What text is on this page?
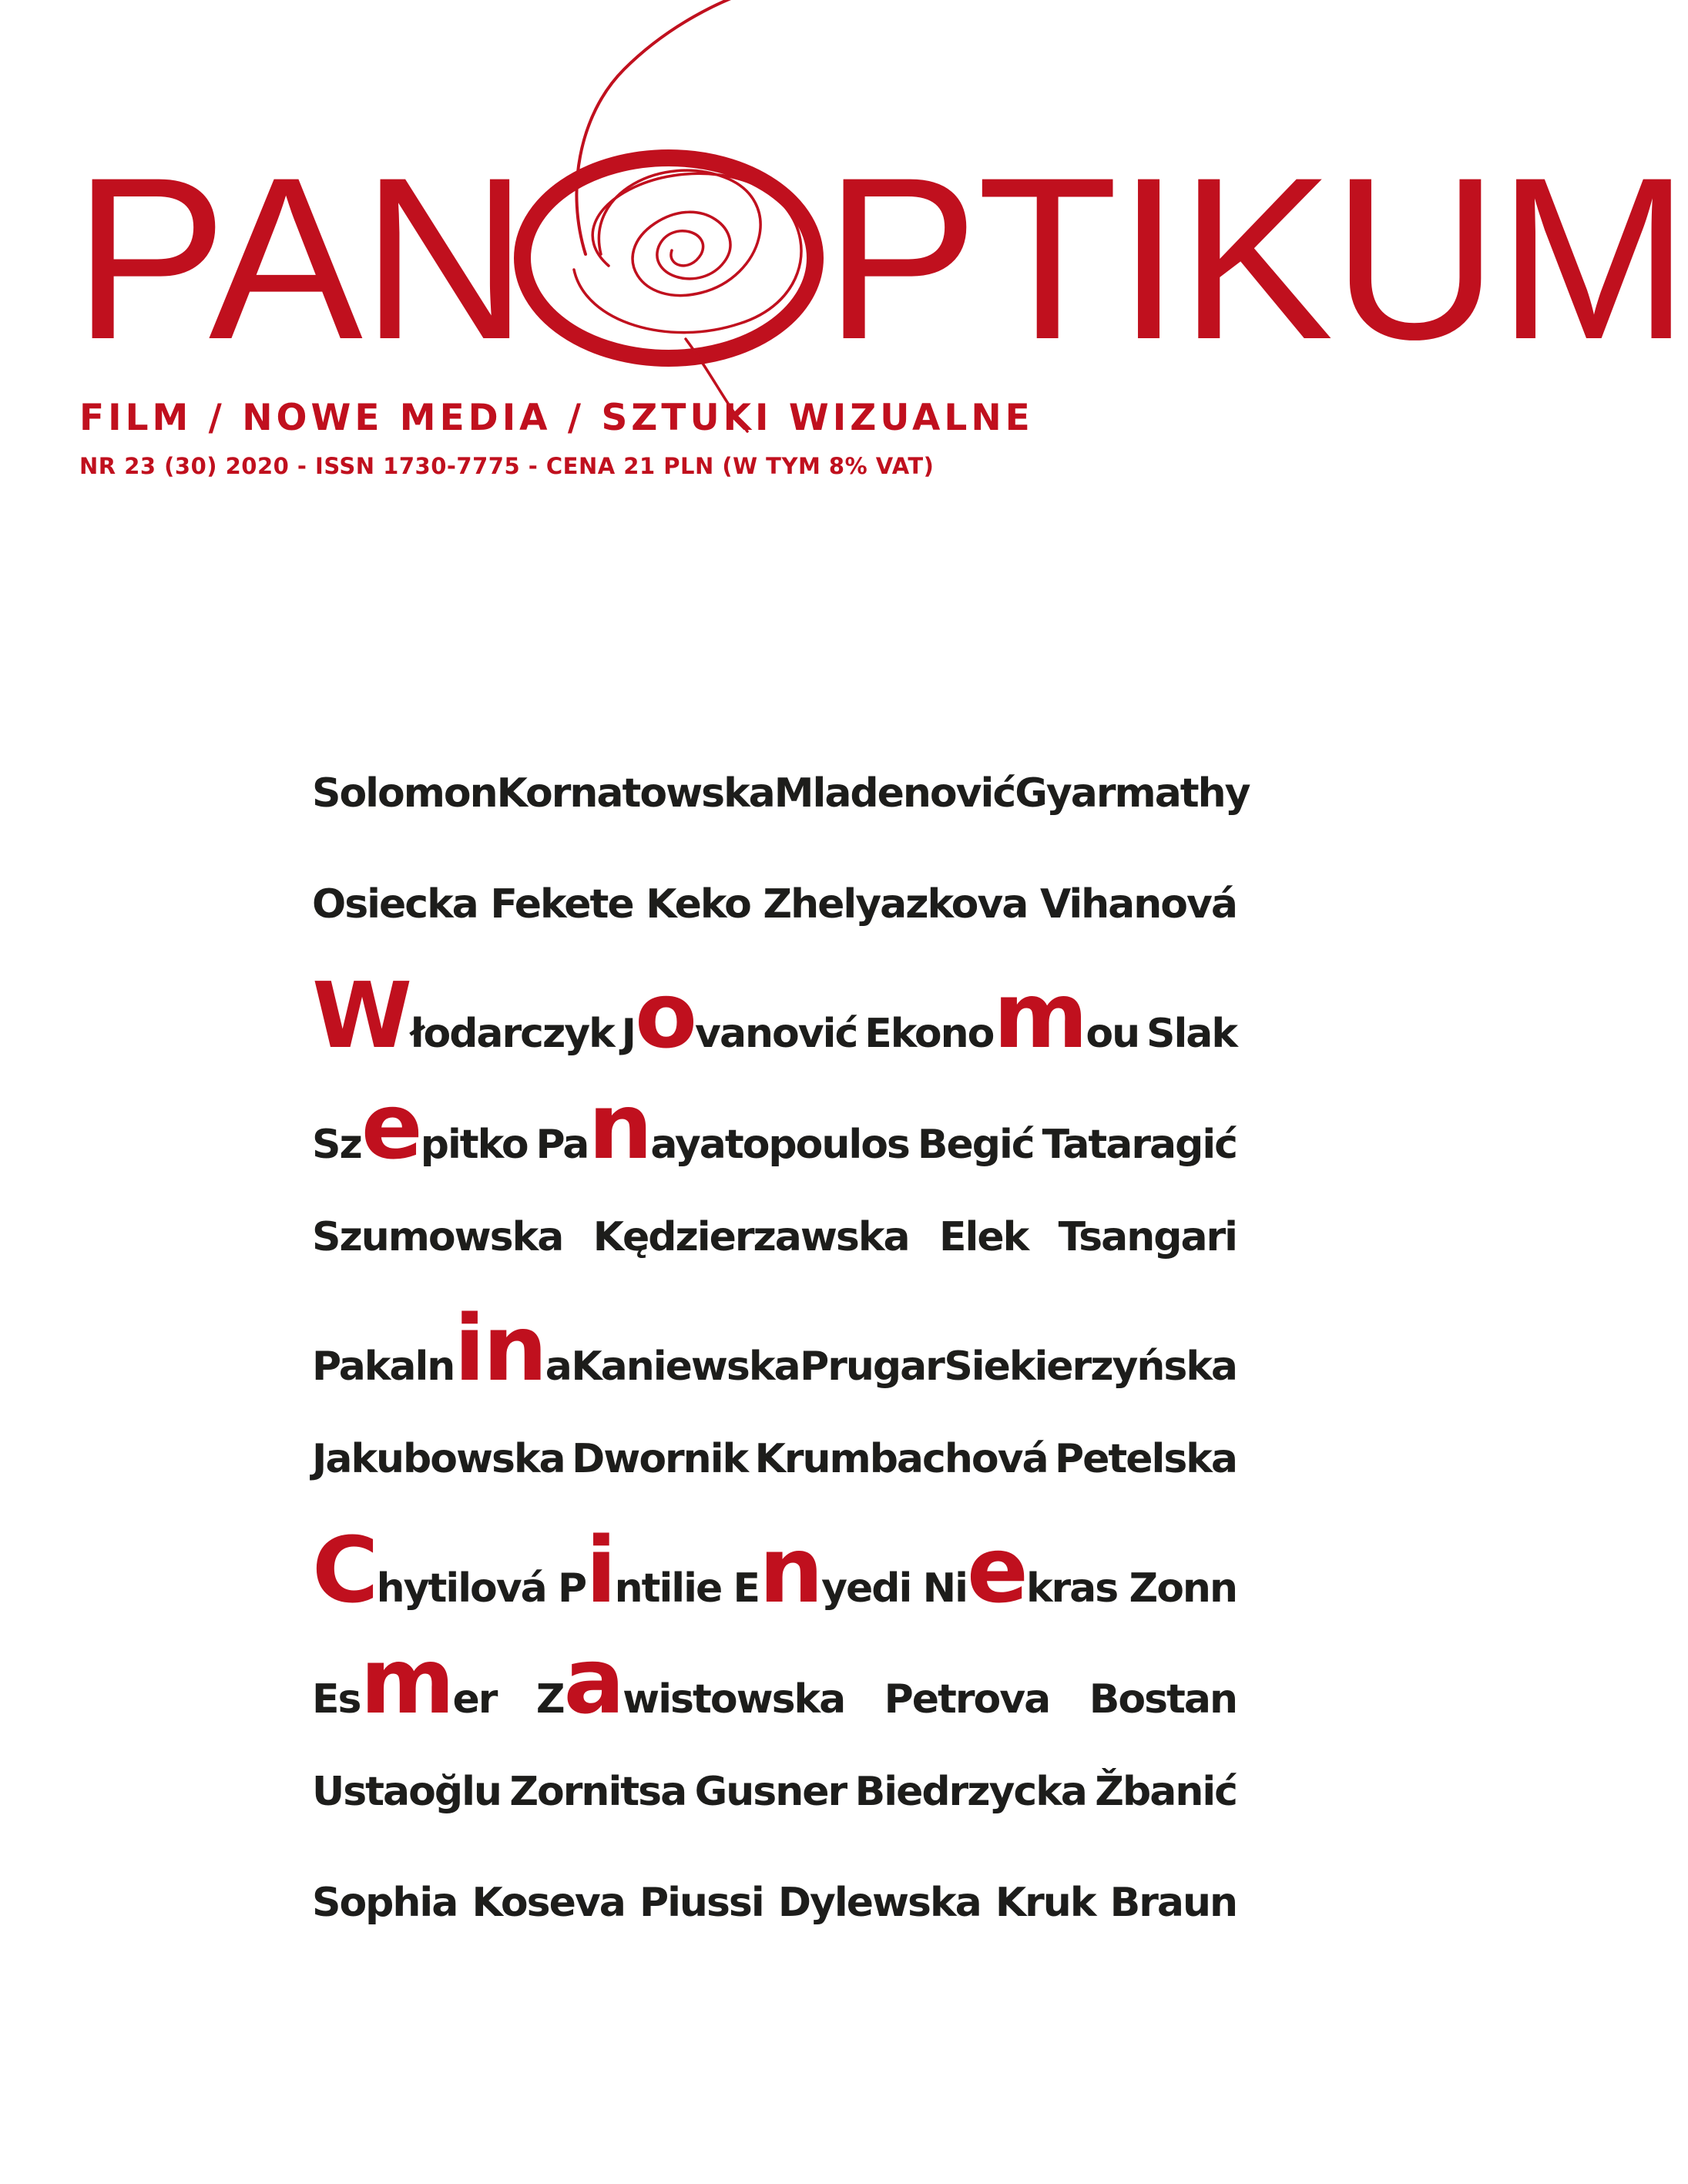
PAN PTIKUM
FILM / NOWE MEDIA / SZTUKI WIZUALNE
NR 23 (30) 2020 - ISSN 1730-7775 - CENA 21 PLN (W TYM 8% VAT)
Solomon Kornatowska Mladenović Gyarmathy
Osiecka Fekete Keko Zhelyazkova Vihanová
Włodarczyk Jovanović Ekonomou Slak
Szepitko Panayatopoulos Begić Tataragić
Szumowska Kędzierzawska Elek Tsangari
Pakalnina Kaniewska Prugar Siekierzyńska
Jakubowska Dwornik Krumbachová Petelska
Chytilová Pintilie Enyedi Niekras Zonn
Esmer Zawistowska Petrova Bostan
Ustaoğlu Zornitsa Gusner Biedrzycka Žbanić
Sophia Koseva Piussi Dylewska Kruk Braun
